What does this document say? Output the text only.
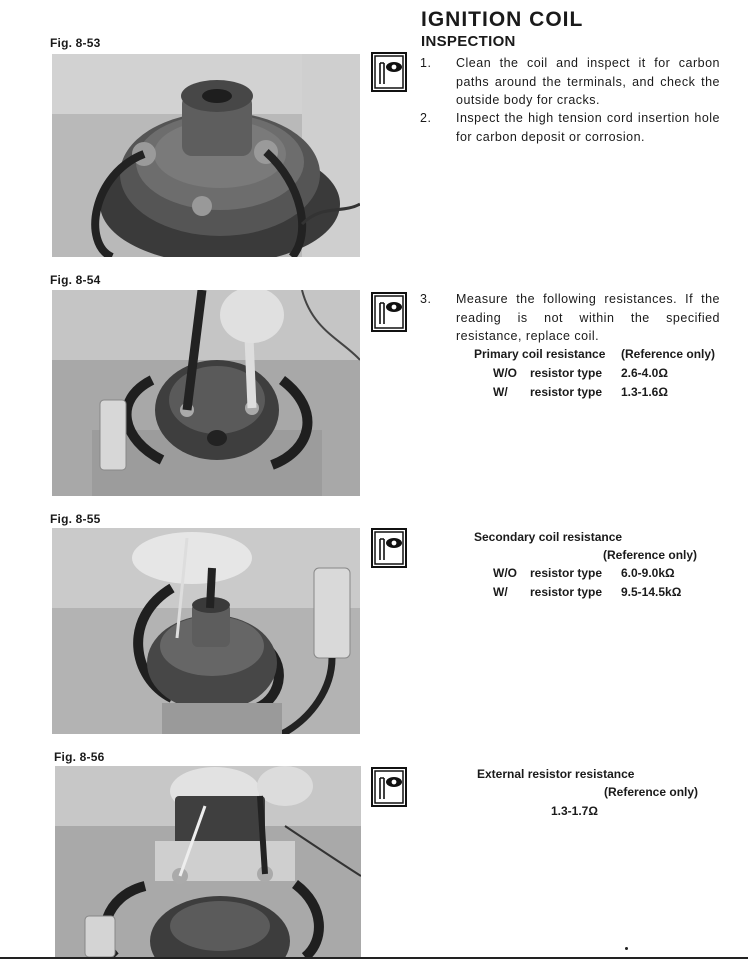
IGNITION COIL
INSPECTION
Fig. 8-53
1. Clean the coil and inspect it for carbon paths around the terminals, and check the outside body for cracks.
2. Inspect the high tension cord insertion hole for carbon deposit or corrosion.
Fig. 8-54
3. Measure the following resistances. If the reading is not within the specified resistance, replace coil.
Primary coil resistance (Reference only)
W/O resistor type 2.6-4.0Ω
W/ resistor type 1.3-1.6Ω
Fig. 8-55
Secondary coil resistance
(Reference only)
W/O resistor type 6.0-9.0kΩ
W/ resistor type 9.5-14.5kΩ
Fig. 8-56
External resistor resistance
(Reference only)
1.3-1.7Ω
